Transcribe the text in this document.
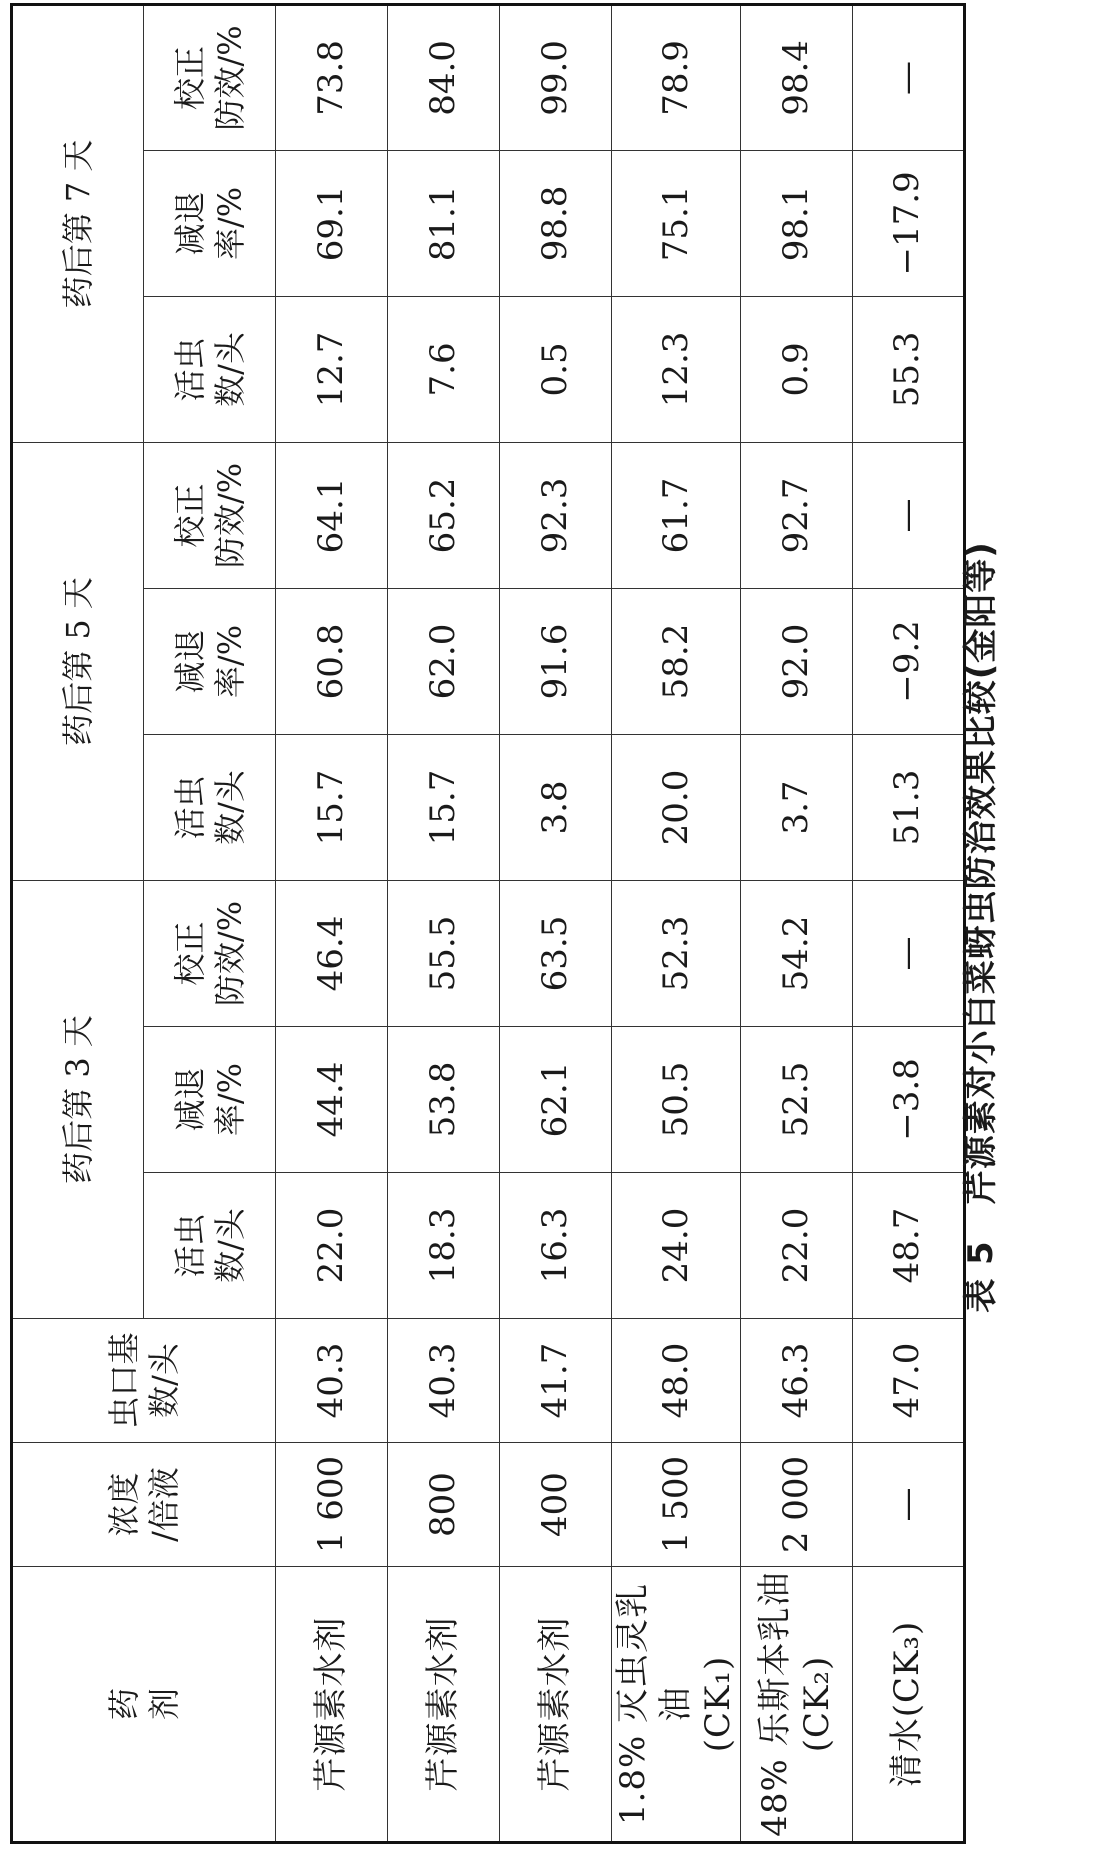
药 剂	浓度 /倍液	虫口基 数/头	药后第 3 天			药后第 5 天			药后第 7 天		

			活虫 数/头	减退 率/%	校正 防效/%	活虫 数/头	减退 率/%	校正 防效/%	活虫 数/头	减退 率/%	校正 防效/%

芹源素水剂	1 600	40.3	22.0	44.4	46.4	15.7	60.8	64.1	12.7	69.1	73.8

芹源素水剂	800	40.3	18.3	53.8	55.5	15.7	62.0	65.2	7.6	81.1	84.0

芹源素水剂	400	41.7	16.3	62.1	63.5	3.8	91.6	92.3	0.5	98.8	99.0

1.8% 灭虫灵乳油 (CK₁)	1 500	48.0	24.0	50.5	52.3	20.0	58.2	61.7	12.3	75.1	78.9

48% 乐斯本乳油 (CK₂)	2 000	46.3	22.0	52.5	54.2	3.7	92.0	92.7	0.9	98.1	98.4

清水(CK₃)	—	47.0	48.7	−3.8	—	51.3	−9.2	—	55.3	−17.9	—
表 5芹源素对小白菜蚜虫防治效果比较(金阳等)
